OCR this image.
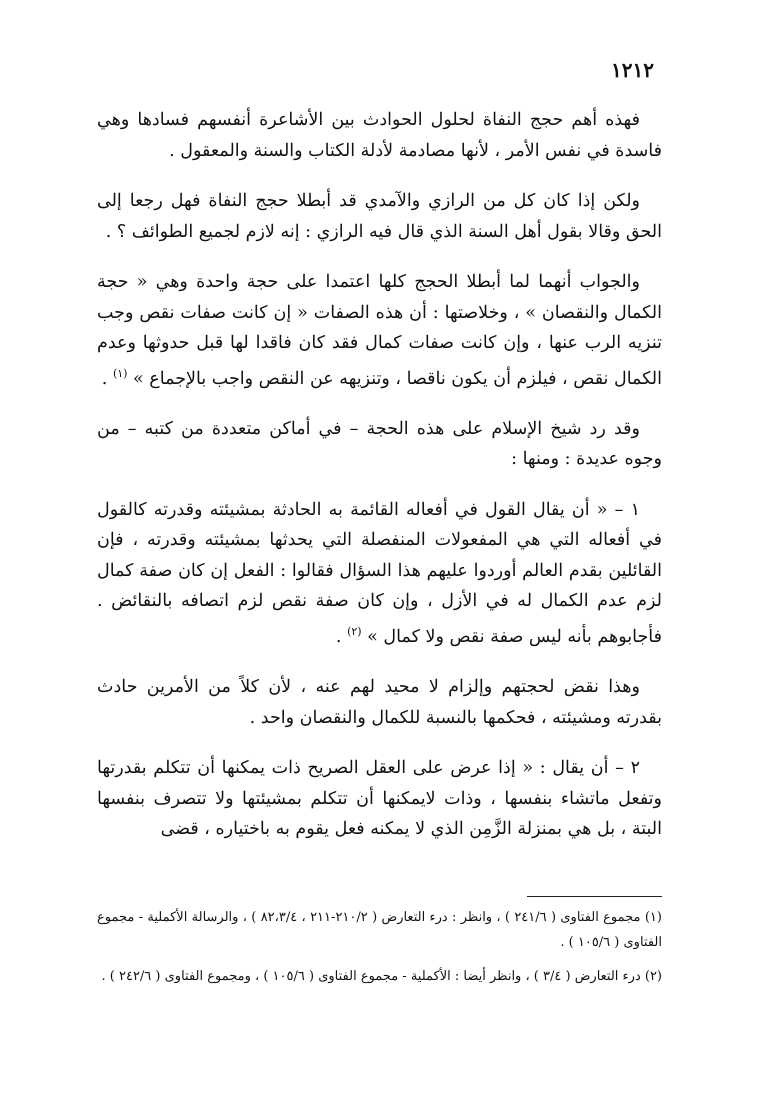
١٢١٢

فهذه أهم حجج النفاة لحلول الحوادث بين الأشاعرة أنفسهم فسادها وهي فاسدة في نفس الأمر ، لأنها مصادمة لأدلة الكتاب والسنة والمعقول .

ولكن إذا كان كل من الرازي والآمدي قد أبطلا حجج النفاة فهل رجعا إلى الحق وقالا بقول أهل السنة الذي قال فيه الرازي : إنه لازم لجميع الطوائف ؟ .

والجواب أنهما لما أبطلا الحجج كلها اعتمدا على حجة واحدة وهي « حجة الكمال والنقصان » ، وخلاصتها : أن هذه الصفات « إن كانت صفات نقص وجب تنزيه الرب عنها ، وإن كانت صفات كمال فقد كان فاقدا لها قبل حدوثها وعدم الكمال نقص ، فيلزم أن يكون ناقصا ، وتنزيهه عن النقص واجب بالإجماع » $^{(١)}$ .

وقد رد شيخ الإسلام على هذه الحجة – في أماكن متعددة من كتبه – من وجوه عديدة : ومنها :

١ – « أن يقال القول في أفعاله القائمة به الحادثة بمشيئته وقدرته كالقول في أفعاله التي هي المفعولات المنفصلة التي يحدثها بمشيئته وقدرته ، فإن القائلين بقدم العالم أوردوا عليهم هذا السؤال فقالوا : الفعل إن كان صفة كمال لزم عدم الكمال له في الأزل ، وإن كان صفة نقص لزم اتصافه بالنقائض . فأجابوهم بأنه ليس صفة نقص ولا كمال » $^{(٢)}$ .

وهذا نقض لحجتهم وإلزام لا محيد لهم عنه ، لأن كلاً من الأمرين حادث بقدرته ومشيئته ، فحكمها بالنسبة للكمال والنقصان واحد .

٢ – أن يقال : « إذا عرض على العقل الصريح ذات يمكنها أن تتكلم بقدرتها وتفعل ماتشاء بنفسها ، وذات لايمكنها أن تتكلم بمشيئتها ولا تتصرف بنفسها البتة ، بل هي بمنزلة الزَّمِن الذي لا يمكنه فعل يقوم به باختياره ، قضى

(١) مجموع الفتاوى ( ٢٤١/٦ ) ، وانظر : درء التعارض ( ٢١٠/٢-٢١١ ، ٨٢،٣/٤ ) ، والرسالة الأكملية - مجموع الفتاوى ( ١٠٥/٦ ) .

(٢) درء التعارض ( ٣/٤ ) ، وانظر أيضا : الأكملية - مجموع الفتاوى ( ١٠٥/٦ ) ، ومجموع الفتاوى ( ٢٤٢/٦ ) .
